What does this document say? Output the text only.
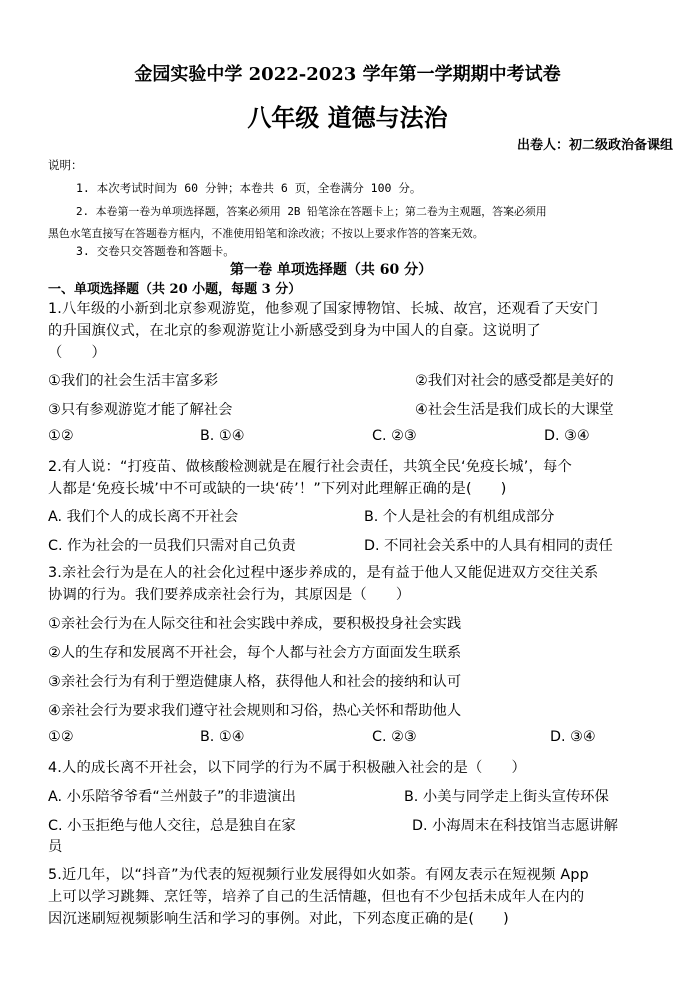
金园实验中学 2022-2023 学年第一学期期中考试卷
八年级 道德与法治
出卷人：初二级政治备课组
说明：
1. 本次考试时间为 60 分钟；本卷共 6 页，全卷满分 100 分。
2. 本卷第一卷为单项选择题，答案必须用 2B 铅笔涂在答题卡上；第二卷为主观题，答案必须用
黑色水笔直接写在答题卷方框内，不准使用铅笔和涂改液；不按以上要求作答的答案无效。
3. 交卷只交答题卷和答题卡。
第一卷 单项选择题（共 60 分）
一、单项选择题（共 20 小题，每题 3 分）
1.八年级的小新到北京参观游览，他参观了国家博物馆、长城、故宫，还观看了天安门
的升国旗仪式，在北京的参观游览让小新感受到身为中国人的自豪。这说明了
（　　）
①我们的社会生活丰富多彩	②我们对社会的感受都是美好的
③只有参观游览才能了解社会	④社会生活是我们成长的大课堂
①②	B. ①④	C. ②③	D. ③④
2.有人说：“打疫苗、做核酸检测就是在履行社会责任，共筑全民‘免疫长城’，每个
人都是‘免疫长城’中不可或缺的一块‘砖’！”下列对此理解正确的是(　　)
A. 我们个人的成长离不开社会	B. 个人是社会的有机组成部分
C. 作为社会的一员我们只需对自己负责	D. 不同社会关系中的人具有相同的责任
3.亲社会行为是在人的社会化过程中逐步养成的，是有益于他人又能促进双方交往关系
协调的行为。我们要养成亲社会行为，其原因是（　　）
①亲社会行为在人际交往和社会实践中养成，要积极投身社会实践
②人的生存和发展离不开社会，每个人都与社会方方面面发生联系
③亲社会行为有利于塑造健康人格，获得他人和社会的接纳和认可
④亲社会行为要求我们遵守社会规则和习俗，热心关怀和帮助他人
①②	B. ①④	C. ②③	D. ③④
4.人的成长离不开社会，以下同学的行为不属于积极融入社会的是（　　）
A. 小乐陪爷爷看“兰州鼓子”的非遗演出	B. 小美与同学走上街头宣传环保
C. 小玉拒绝与他人交往，总是独自在家	D. 小海周末在科技馆当志愿讲解
员
5.近几年，以“抖音”为代表的短视频行业发展得如火如荼。有网友表示在短视频 App
上可以学习跳舞、烹饪等，培养了自己的生活情趣，但也有不少包括未成年人在内的
因沉迷刷短视频影响生活和学习的事例。对此，下列态度正确的是(　　)
